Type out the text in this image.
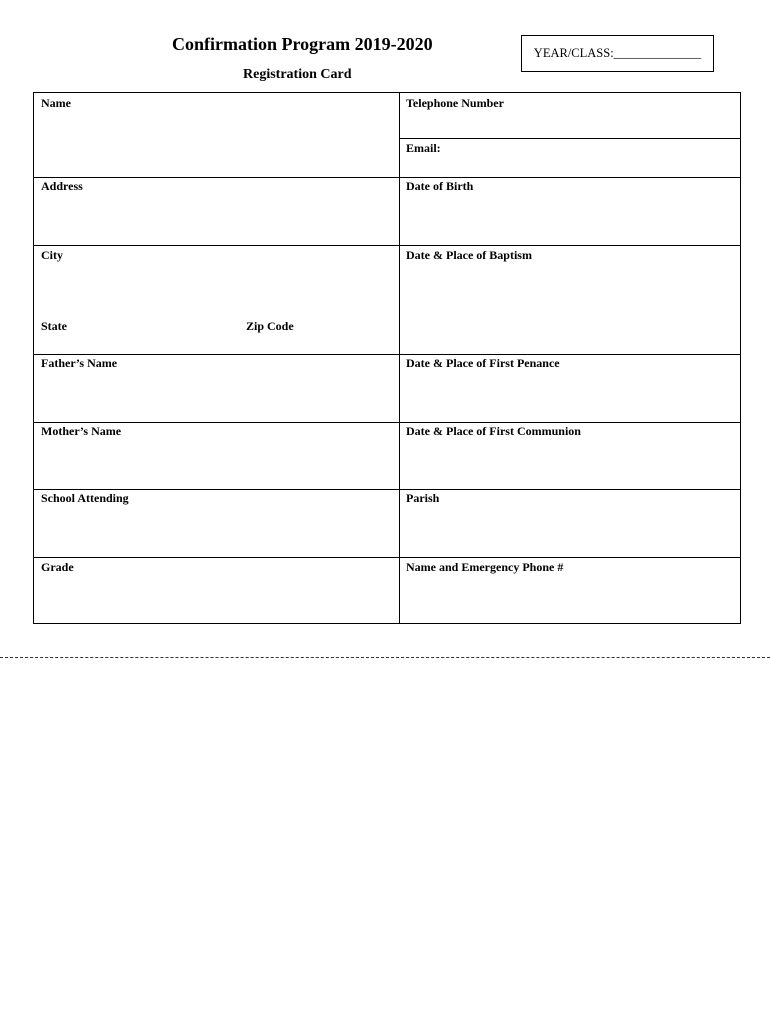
Confirmation Program 2019-2020
Registration Card
YEAR/CLASS:______________
Name
Address
City
State	Zip Code
Father’s Name
Mother’s Name
School Attending
Grade
Telephone Number
Email:
Date of Birth
Date & Place of Baptism
Date & Place of First Penance
Date & Place of First Communion
Parish
Name and Emergency Phone #
